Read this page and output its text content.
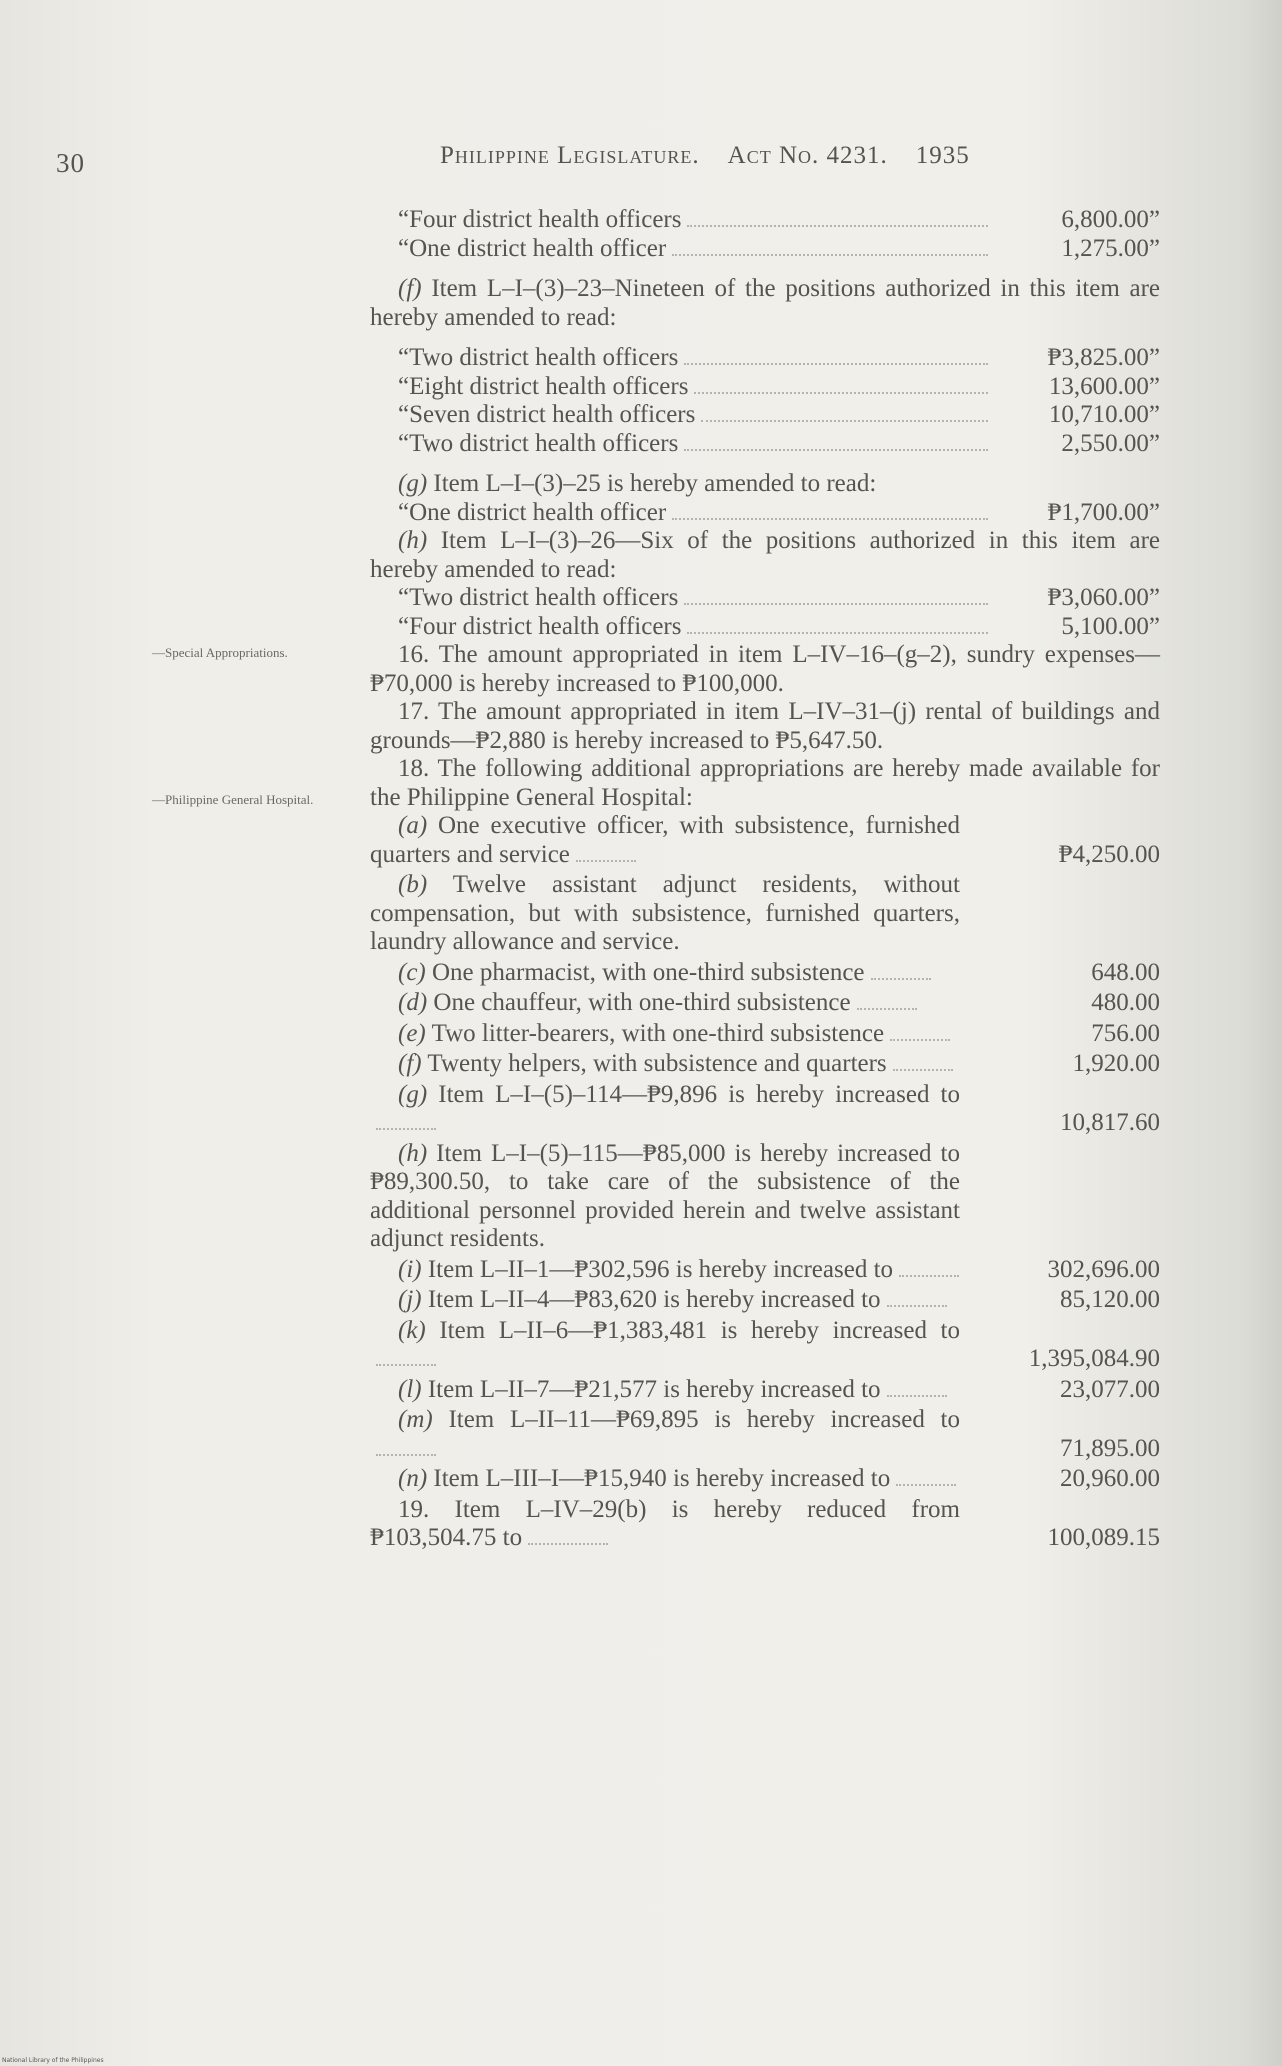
30	Philippine Legislature. Act No. 4231. 1935
—Special Appropriations.
—Philippine General Hospital.
“Four district health officers	6,800.00”
“One district health officer	1,275.00”
(f) Item L–I–(3)–23–Nineteen of the positions authorized in this item are hereby amended to read:
“Two district health officers	₱3,825.00”
“Eight district health officers	13,600.00”
“Seven district health officers	10,710.00”
“Two district health officers	2,550.00”
(g) Item L–I–(3)–25 is hereby amended to read:
“One district health officer	₱1,700.00”
(h) Item L–I–(3)–26—Six of the positions authorized in this item are hereby amended to read:
“Two district health officers	₱3,060.00”
“Four district health officers	5,100.00”
16. The amount appropriated in item L–IV–16–(g–2), sundry expenses—₱70,000 is hereby increased to ₱100,000.
17. The amount appropriated in item L–IV–31–(j) rental of buildings and grounds—₱2,880 is hereby increased to ₱5,647.50.
18. The following additional appropriations are hereby made available for the Philippine General Hospital:
(a) One executive officer, with subsistence, furnished quarters and service	₱4,250.00
(b) Twelve assistant adjunct residents, without compensation, but with subsistence, furnished quarters, laundry allowance and service.
(c) One pharmacist, with one-third subsistence	648.00
(d) One chauffeur, with one-third subsistence	480.00
(e) Two litter-bearers, with one-third subsistence	756.00
(f) Twenty helpers, with subsistence and quarters	1,920.00
(g) Item L–I–(5)–114—₱9,896 is hereby increased to
10,817.60
(h) Item L–I–(5)–115—₱85,000 is hereby increased to ₱89,300.50, to take care of the subsistence of the additional personnel provided herein and twelve assistant adjunct residents.
(i) Item L–II–1—₱302,596 is hereby increased to	302,696.00
(j) Item L–II–4—₱83,620 is hereby increased to	85,120.00
(k) Item L–II–6—₱1,383,481 is hereby increased to
1,395,084.90
(l) Item L–II–7—₱21,577 is hereby increased to	23,077.00
(m) Item L–II–11—₱69,895 is hereby increased to
71,895.00
(n) Item L–III–I—₱15,940 is hereby increased to	20,960.00
19. Item L–IV–29(b) is hereby reduced from ₱103,504.75 to	100,089.15
National Library of the Philippines
